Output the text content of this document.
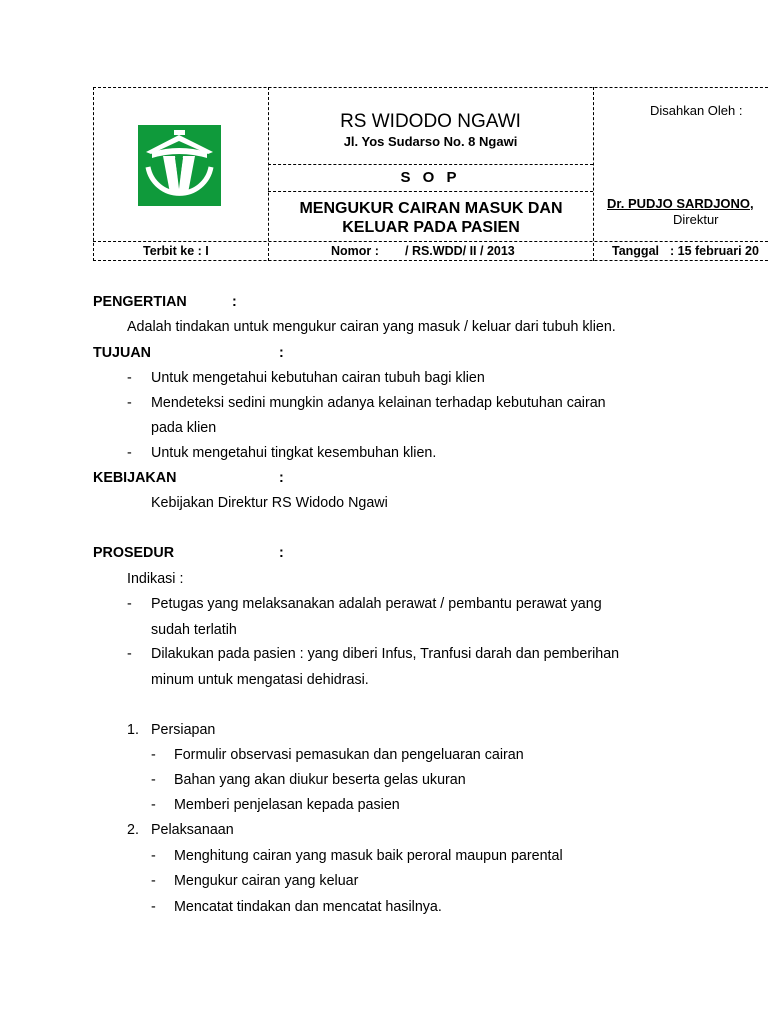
RS WIDODO NGAWI
Jl. Yos Sudarso No. 8 Ngawi
S O P
MENGUKUR CAIRAN MASUK DAN KELUAR PADA PASIEN
Disahkan Oleh :
Dr. PUDJO SARDJONO,
Direktur
Terbit ke : I	Nomor : / RS.WDD/ II / 2013	Tanggal : 15 februari 20
PENGERTIAN	:
Adalah tindakan untuk mengukur cairan yang masuk / keluar dari tubuh klien.
TUJUAN	:
- Untuk mengetahui kebutuhan cairan tubuh bagi klien
- Mendeteksi sedini mungkin adanya kelainan terhadap kebutuhan cairan
pada klien
- Untuk mengetahui tingkat kesembuhan klien.
KEBIJAKAN	:
Kebijakan Direktur RS Widodo Ngawi
PROSEDUR	:
Indikasi :
- Petugas yang melaksanakan adalah perawat / pembantu perawat yang
sudah terlatih
- Dilakukan pada pasien : yang diberi Infus, Tranfusi darah dan pemberihan
minum untuk mengatasi dehidrasi.
1. Persiapan
- Formulir observasi pemasukan dan pengeluaran cairan
- Bahan yang akan diukur beserta gelas ukuran
- Memberi penjelasan kepada pasien
2. Pelaksanaan
- Menghitung cairan yang masuk baik peroral maupun parental
- Mengukur cairan yang keluar
- Mencatat tindakan dan mencatat hasilnya.
